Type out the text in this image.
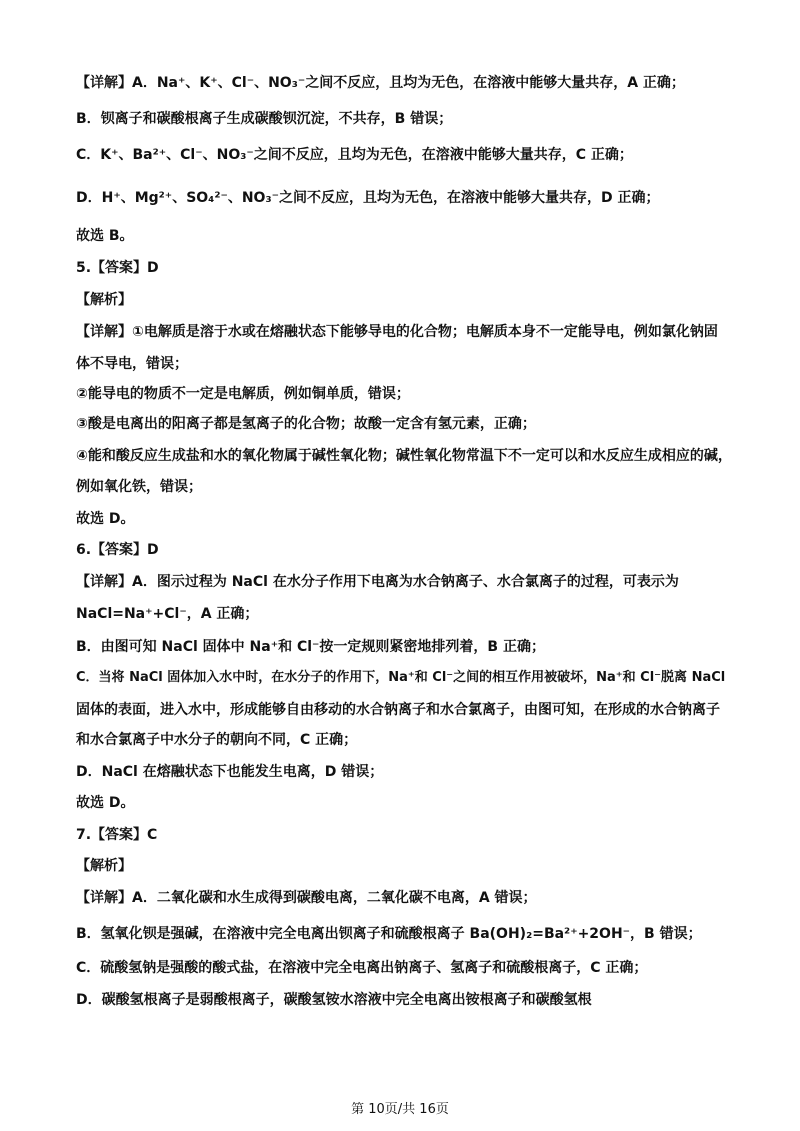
【详解】A．Na⁺、K⁺、Cl⁻、NO₃⁻之间不反应，且均为无色，在溶液中能够大量共存，A 正确；
B．钡离子和碳酸根离子生成碳酸钡沉淀，不共存，B 错误；
C．K⁺、Ba²⁺、Cl⁻、NO₃⁻之间不反应，且均为无色，在溶液中能够大量共存，C 正确；
D．H⁺、Mg²⁺、SO₄²⁻、NO₃⁻之间不反应，且均为无色，在溶液中能够大量共存，D 正确；
故选 B。
5.【答案】D
【解析】
【详解】①电解质是溶于水或在熔融状态下能够导电的化合物；电解质本身不一定能导电，例如氯化钠固
体不导电，错误；
②能导电的物质不一定是电解质，例如铜单质，错误；
③酸是电离出的阳离子都是氢离子的化合物；故酸一定含有氢元素，正确；
④能和酸反应生成盐和水的氧化物属于碱性氧化物；碱性氧化物常温下不一定可以和水反应生成相应的碱，
例如氧化铁，错误；
故选 D。
6.【答案】D
【详解】A．图示过程为 NaCl 在水分子作用下电离为水合钠离子、水合氯离子的过程，可表示为
NaCl=Na⁺+Cl⁻，A 正确；
B．由图可知 NaCl 固体中 Na⁺和 Cl⁻按一定规则紧密地排列着，B 正确；
C．当将 NaCl 固体加入水中时，在水分子的作用下，Na⁺和 Cl⁻之间的相互作用被破坏，Na⁺和 Cl⁻脱离 NaCl
固体的表面，进入水中，形成能够自由移动的水合钠离子和水合氯离子，由图可知，在形成的水合钠离子
和水合氯离子中水分子的朝向不同，C 正确；
D．NaCl 在熔融状态下也能发生电离，D 错误；
故选 D。
7.【答案】C
【解析】
【详解】A．二氧化碳和水生成得到碳酸电离，二氧化碳不电离，A 错误；
B．氢氧化钡是强碱，在溶液中完全电离出钡离子和硫酸根离子 Ba(OH)₂=Ba²⁺+2OH⁻，B 错误；
C．硫酸氢钠是强酸的酸式盐，在溶液中完全电离出钠离子、氢离子和硫酸根离子，C 正确；
D．碳酸氢根离子是弱酸根离子，碳酸氢铵水溶液中完全电离出铵根离子和碳酸氢根
第 10页/共 16页
